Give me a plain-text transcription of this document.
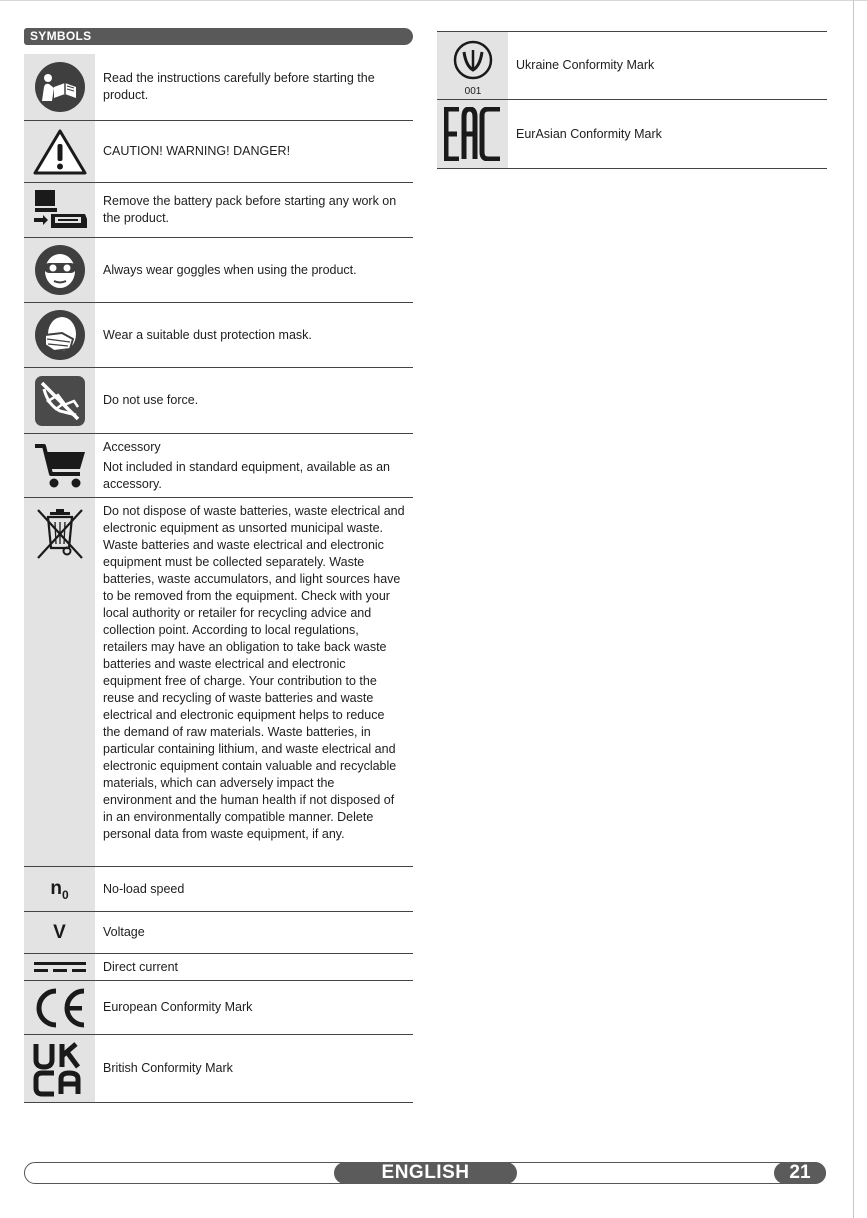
SYMBOLS

Read the instructions carefully before starting the product.

CAUTION! WARNING! DANGER!

Remove the battery pack before starting any work on the product.

Always wear goggles when using the product.

Wear a suitable dust protection mask.

Do not use force.

Accessory

Not included in standard equipment, available as an accessory.

Do not dispose of waste batteries, waste electrical and electronic equipment as unsorted municipal waste. Waste batteries and waste electrical and electronic equipment must be collected separately. Waste batteries, waste accumulators, and light sources have to be removed from the equipment. Check with your local authority or retailer for recycling advice and collection point. According to local regulations, retailers may have an obligation to take back waste batteries and waste electrical and electronic equipment free of charge. Your contribution to the reuse and recycling of waste batteries and waste electrical and electronic equipment helps to reduce the demand of raw materials. Waste batteries, in particular containing lithium, and waste electrical and electronic equipment contain valuable and recyclable materials, which can adversely impact the environment and the human health if not disposed of in an environmentally compatible manner. Delete personal data from waste equipment, if any.

n 0	No-load speed

V	Voltage

Direct current

European Conformity Mark

British Conformity Mark

001

Ukraine Conformity Mark

EurAsian Conformity Mark

ENGLISH	21
